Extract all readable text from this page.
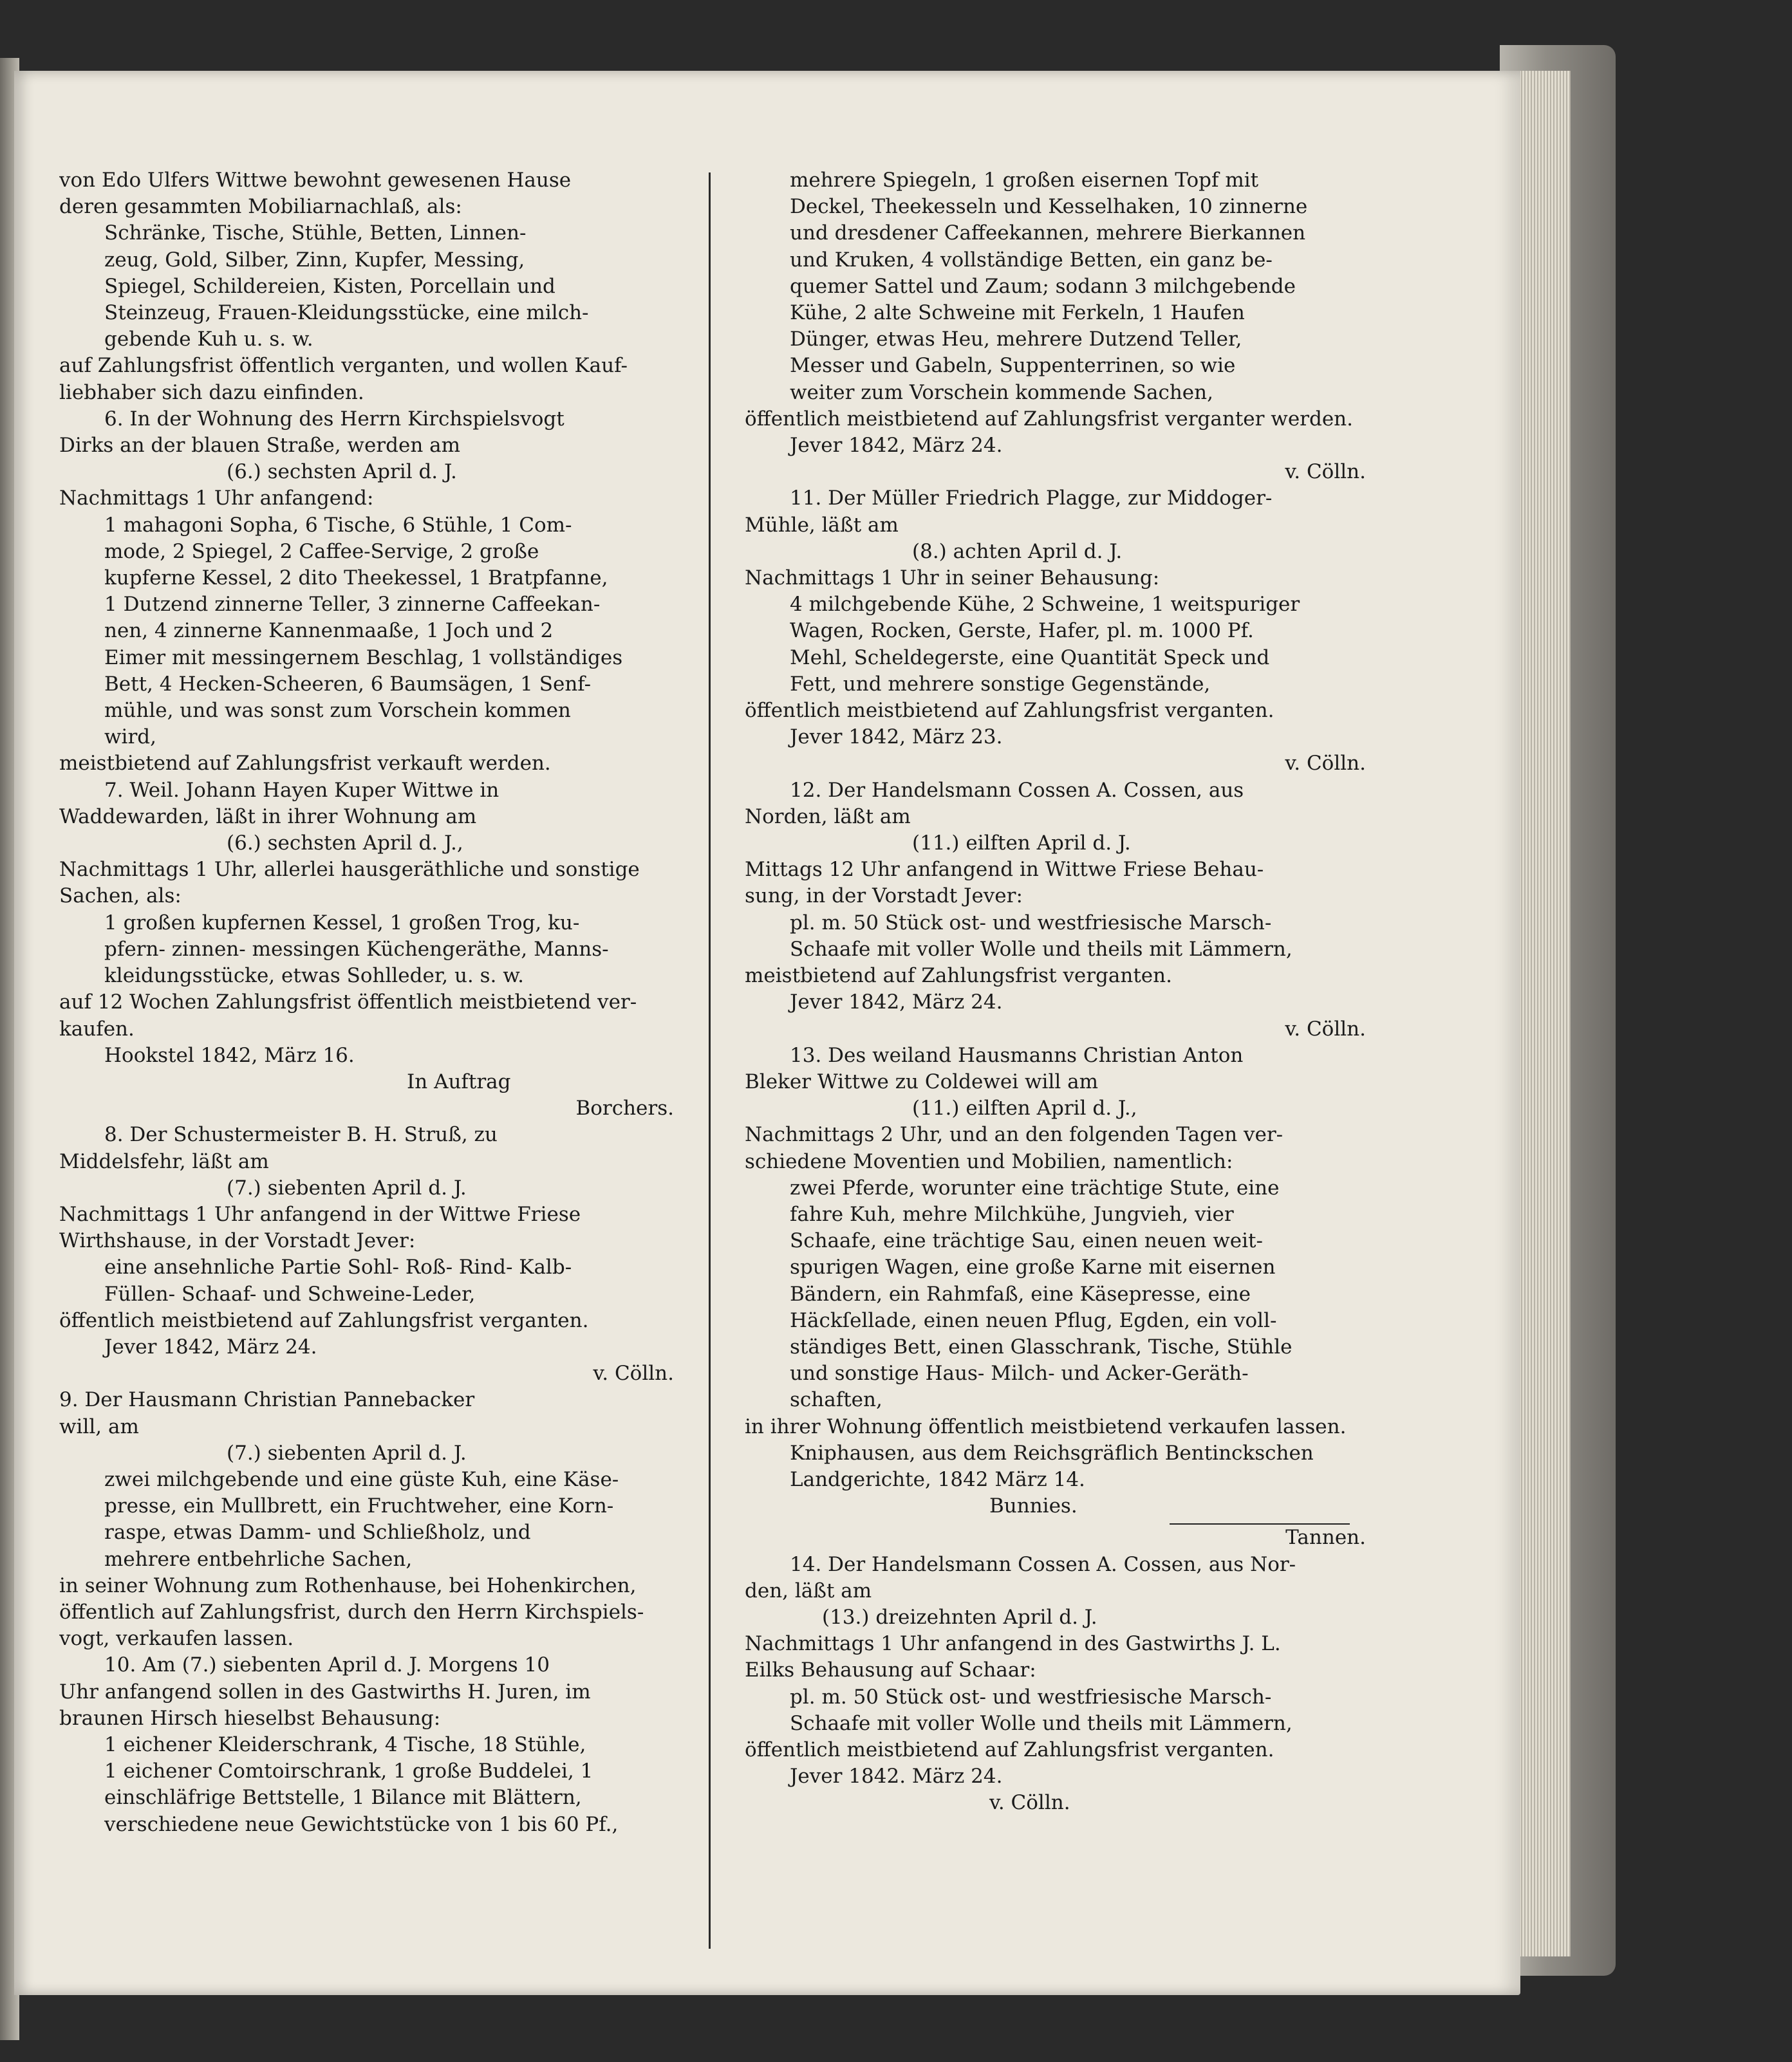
von Edo Ulfers Wittwe bewohnt gewesenen Hause
deren gesammten Mobiliarnachlaß, als:
Schränke, Tische, Stühle, Betten, Linnen-
zeug, Gold, Silber, Zinn, Kupfer, Messing,
Spiegel, Schildereien, Kisten, Porcellain und
Steinzeug, Frauen-Kleidungsstücke, eine milch-
gebende Kuh u. s. w.
auf Zahlungsfrist öffentlich verganten, und wollen Kauf-
liebhaber sich dazu einfinden.
6. In der Wohnung des Herrn Kirchspielsvogt
Dirks an der blauen Straße, werden am
(6.) sechsten April d. J.
Nachmittags 1 Uhr anfangend:
1 mahagoni Sopha, 6 Tische, 6 Stühle, 1 Com-
mode, 2 Spiegel, 2 Caffee-Servige, 2 große
kupferne Kessel, 2 dito Theekessel, 1 Bratpfanne,
1 Dutzend zinnerne Teller, 3 zinnerne Caffeekan-
nen, 4 zinnerne Kannenmaaße, 1 Joch und 2
Eimer mit messingernem Beschlag, 1 vollständiges
Bett, 4 Hecken-Scheeren, 6 Baumsägen, 1 Senf-
mühle, und was sonst zum Vorschein kommen
wird,
meistbietend auf Zahlungsfrist verkauft werden.
7. Weil. Johann Hayen Kuper Wittwe in
Waddewarden, läßt in ihrer Wohnung am
(6.) sechsten April d. J.,
Nachmittags 1 Uhr, allerlei hausgeräthliche und sonstige
Sachen, als:
1 großen kupfernen Kessel, 1 großen Trog, ku-
pfern- zinnen- messingen Küchengeräthe, Manns-
kleidungsstücke, etwas Sohlleder, u. s. w.
auf 12 Wochen Zahlungsfrist öffentlich meistbietend ver-
kaufen.
Hookstel 1842, März 16.
In Auftrag
Borchers.
8. Der Schustermeister B. H. Struß, zu
Middelsfehr, läßt am
(7.) siebenten April d. J.
Nachmittags 1 Uhr anfangend in der Wittwe Friese
Wirthshause, in der Vorstadt Jever:
eine ansehnliche Partie Sohl- Roß- Rind- Kalb-
Füllen- Schaaf- und Schweine-Leder,
öffentlich meistbietend auf Zahlungsfrist verganten.
Jever 1842, März 24.
v. Cölln.
9. Der Hausmann Christian Pannebacker
will, am
(7.) siebenten April d. J.
zwei milchgebende und eine güste Kuh, eine Käse-
presse, ein Mullbrett, ein Fruchtweher, eine Korn-
raspe, etwas Damm- und Schließholz, und
mehrere entbehrliche Sachen,
in seiner Wohnung zum Rothenhause, bei Hohenkirchen,
öffentlich auf Zahlungsfrist, durch den Herrn Kirchspiels-
vogt, verkaufen lassen.
10. Am (7.) siebenten April d. J. Morgens 10
Uhr anfangend sollen in des Gastwirths H. Juren, im
braunen Hirsch hieselbst Behausung:
1 eichener Kleiderschrank, 4 Tische, 18 Stühle,
1 eichener Comtoirschrank, 1 große Buddelei, 1
einschläfrige Bettstelle, 1 Bilance mit Blättern,
verschiedene neue Gewichtstücke von 1 bis 60 Pf.,
mehrere Spiegeln, 1 großen eisernen Topf mit
Deckel, Theekesseln und Kesselhaken, 10 zinnerne
und dresdener Caffeekannen, mehrere Bierkannen
und Kruken, 4 vollständige Betten, ein ganz be-
quemer Sattel und Zaum; sodann 3 milchgebende
Kühe, 2 alte Schweine mit Ferkeln, 1 Haufen
Dünger, etwas Heu, mehrere Dutzend Teller,
Messer und Gabeln, Suppenterrinen, so wie
weiter zum Vorschein kommende Sachen,
öffentlich meistbietend auf Zahlungsfrist verganter werden.
Jever 1842, März 24.
v. Cölln.
11. Der Müller Friedrich Plagge, zur Middoger-
Mühle, läßt am
(8.) achten April d. J.
Nachmittags 1 Uhr in seiner Behausung:
4 milchgebende Kühe, 2 Schweine, 1 weitspuriger
Wagen, Rocken, Gerste, Hafer, pl. m. 1000 Pf.
Mehl, Scheldegerste, eine Quantität Speck und
Fett, und mehrere sonstige Gegenstände,
öffentlich meistbietend auf Zahlungsfrist verganten.
Jever 1842, März 23.
v. Cölln.
12. Der Handelsmann Cossen A. Cossen, aus
Norden, läßt am
(11.) eilften April d. J.
Mittags 12 Uhr anfangend in Wittwe Friese Behau-
sung, in der Vorstadt Jever:
pl. m. 50 Stück ost- und westfriesische Marsch-
Schaafe mit voller Wolle und theils mit Lämmern,
meistbietend auf Zahlungsfrist verganten.
Jever 1842, März 24.
v. Cölln.
13. Des weiland Hausmanns Christian Anton
Bleker Wittwe zu Coldewei will am
(11.) eilften April d. J.,
Nachmittags 2 Uhr, und an den folgenden Tagen ver-
schiedene Moventien und Mobilien, namentlich:
zwei Pferde, worunter eine trächtige Stute, eine
fahre Kuh, mehre Milchkühe, Jungvieh, vier
Schaafe, eine trächtige Sau, einen neuen weit-
spurigen Wagen, eine große Karne mit eisernen
Bändern, ein Rahmfaß, eine Käsepresse, eine
Häckſellade, einen neuen Pflug, Egden, ein voll-
ständiges Bett, einen Glasschrank, Tische, Stühle
und sonstige Haus- Milch- und Acker-Geräth-
schaften,
in ihrer Wohnung öffentlich meistbietend verkaufen lassen.
Kniphausen, aus dem Reichsgräflich Bentinckschen
Landgerichte, 1842 März 14.
Bunnies.
Tannen.
14. Der Handelsmann Cossen A. Cossen, aus Nor-
den, läßt am
(13.) dreizehnten April d. J.
Nachmittags 1 Uhr anfangend in des Gastwirths J. L.
Eilks Behausung auf Schaar:
pl. m. 50 Stück ost- und westfriesische Marsch-
Schaafe mit voller Wolle und theils mit Lämmern,
öffentlich meistbietend auf Zahlungsfrist verganten.
Jever 1842. März 24.
v. Cölln.
